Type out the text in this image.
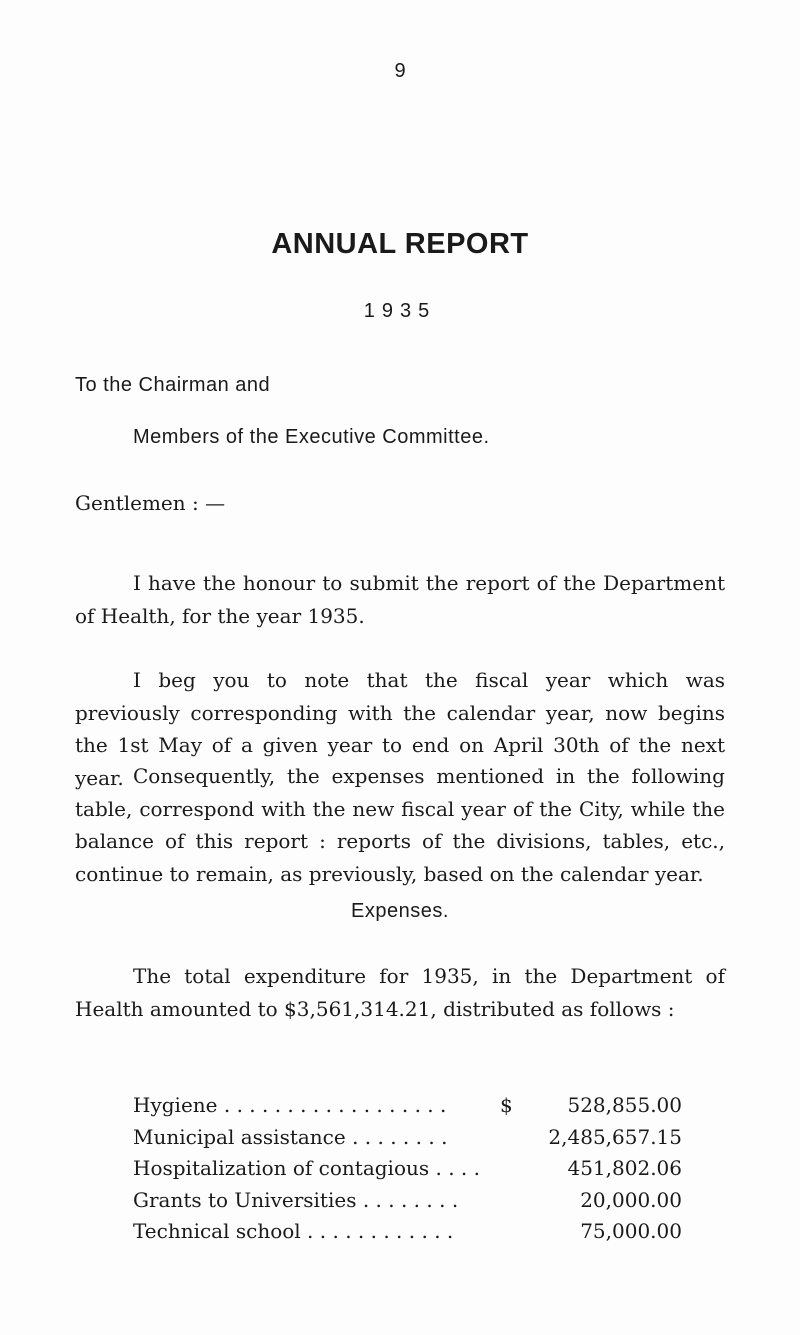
9
ANNUAL REPORT
1935
To the Chairman and
Members of the Executive Committee.
Gentlemen : —

I have the honour to submit the report of the Department of Health, for the year 1935.

I beg you to note that the fiscal year which was previously corresponding with the calendar year, now begins the 1st May of a given year to end on April 30th of the next year. Consequently, the expenses mentioned in the following table, correspond with the new fiscal year of the City, while the balance of this report : reports of the divisions, tables, etc., continue to remain, as previously, based on the calendar year.

Expenses.

The total expenditure for 1935, in the Department of Health amounted to $3,561,314.21, distributed as follows :

Hygiene . . . . . . . . . . . . . . . . . .	$	528,855.00
Municipal assistance . . . . . . . .		2,485,657.15
Hospitalization of contagious . . . .		451,802.06
Grants to Universities . . . . . . . .		20,000.00
Technical school . . . . . . . . . . . .		75,000.00
